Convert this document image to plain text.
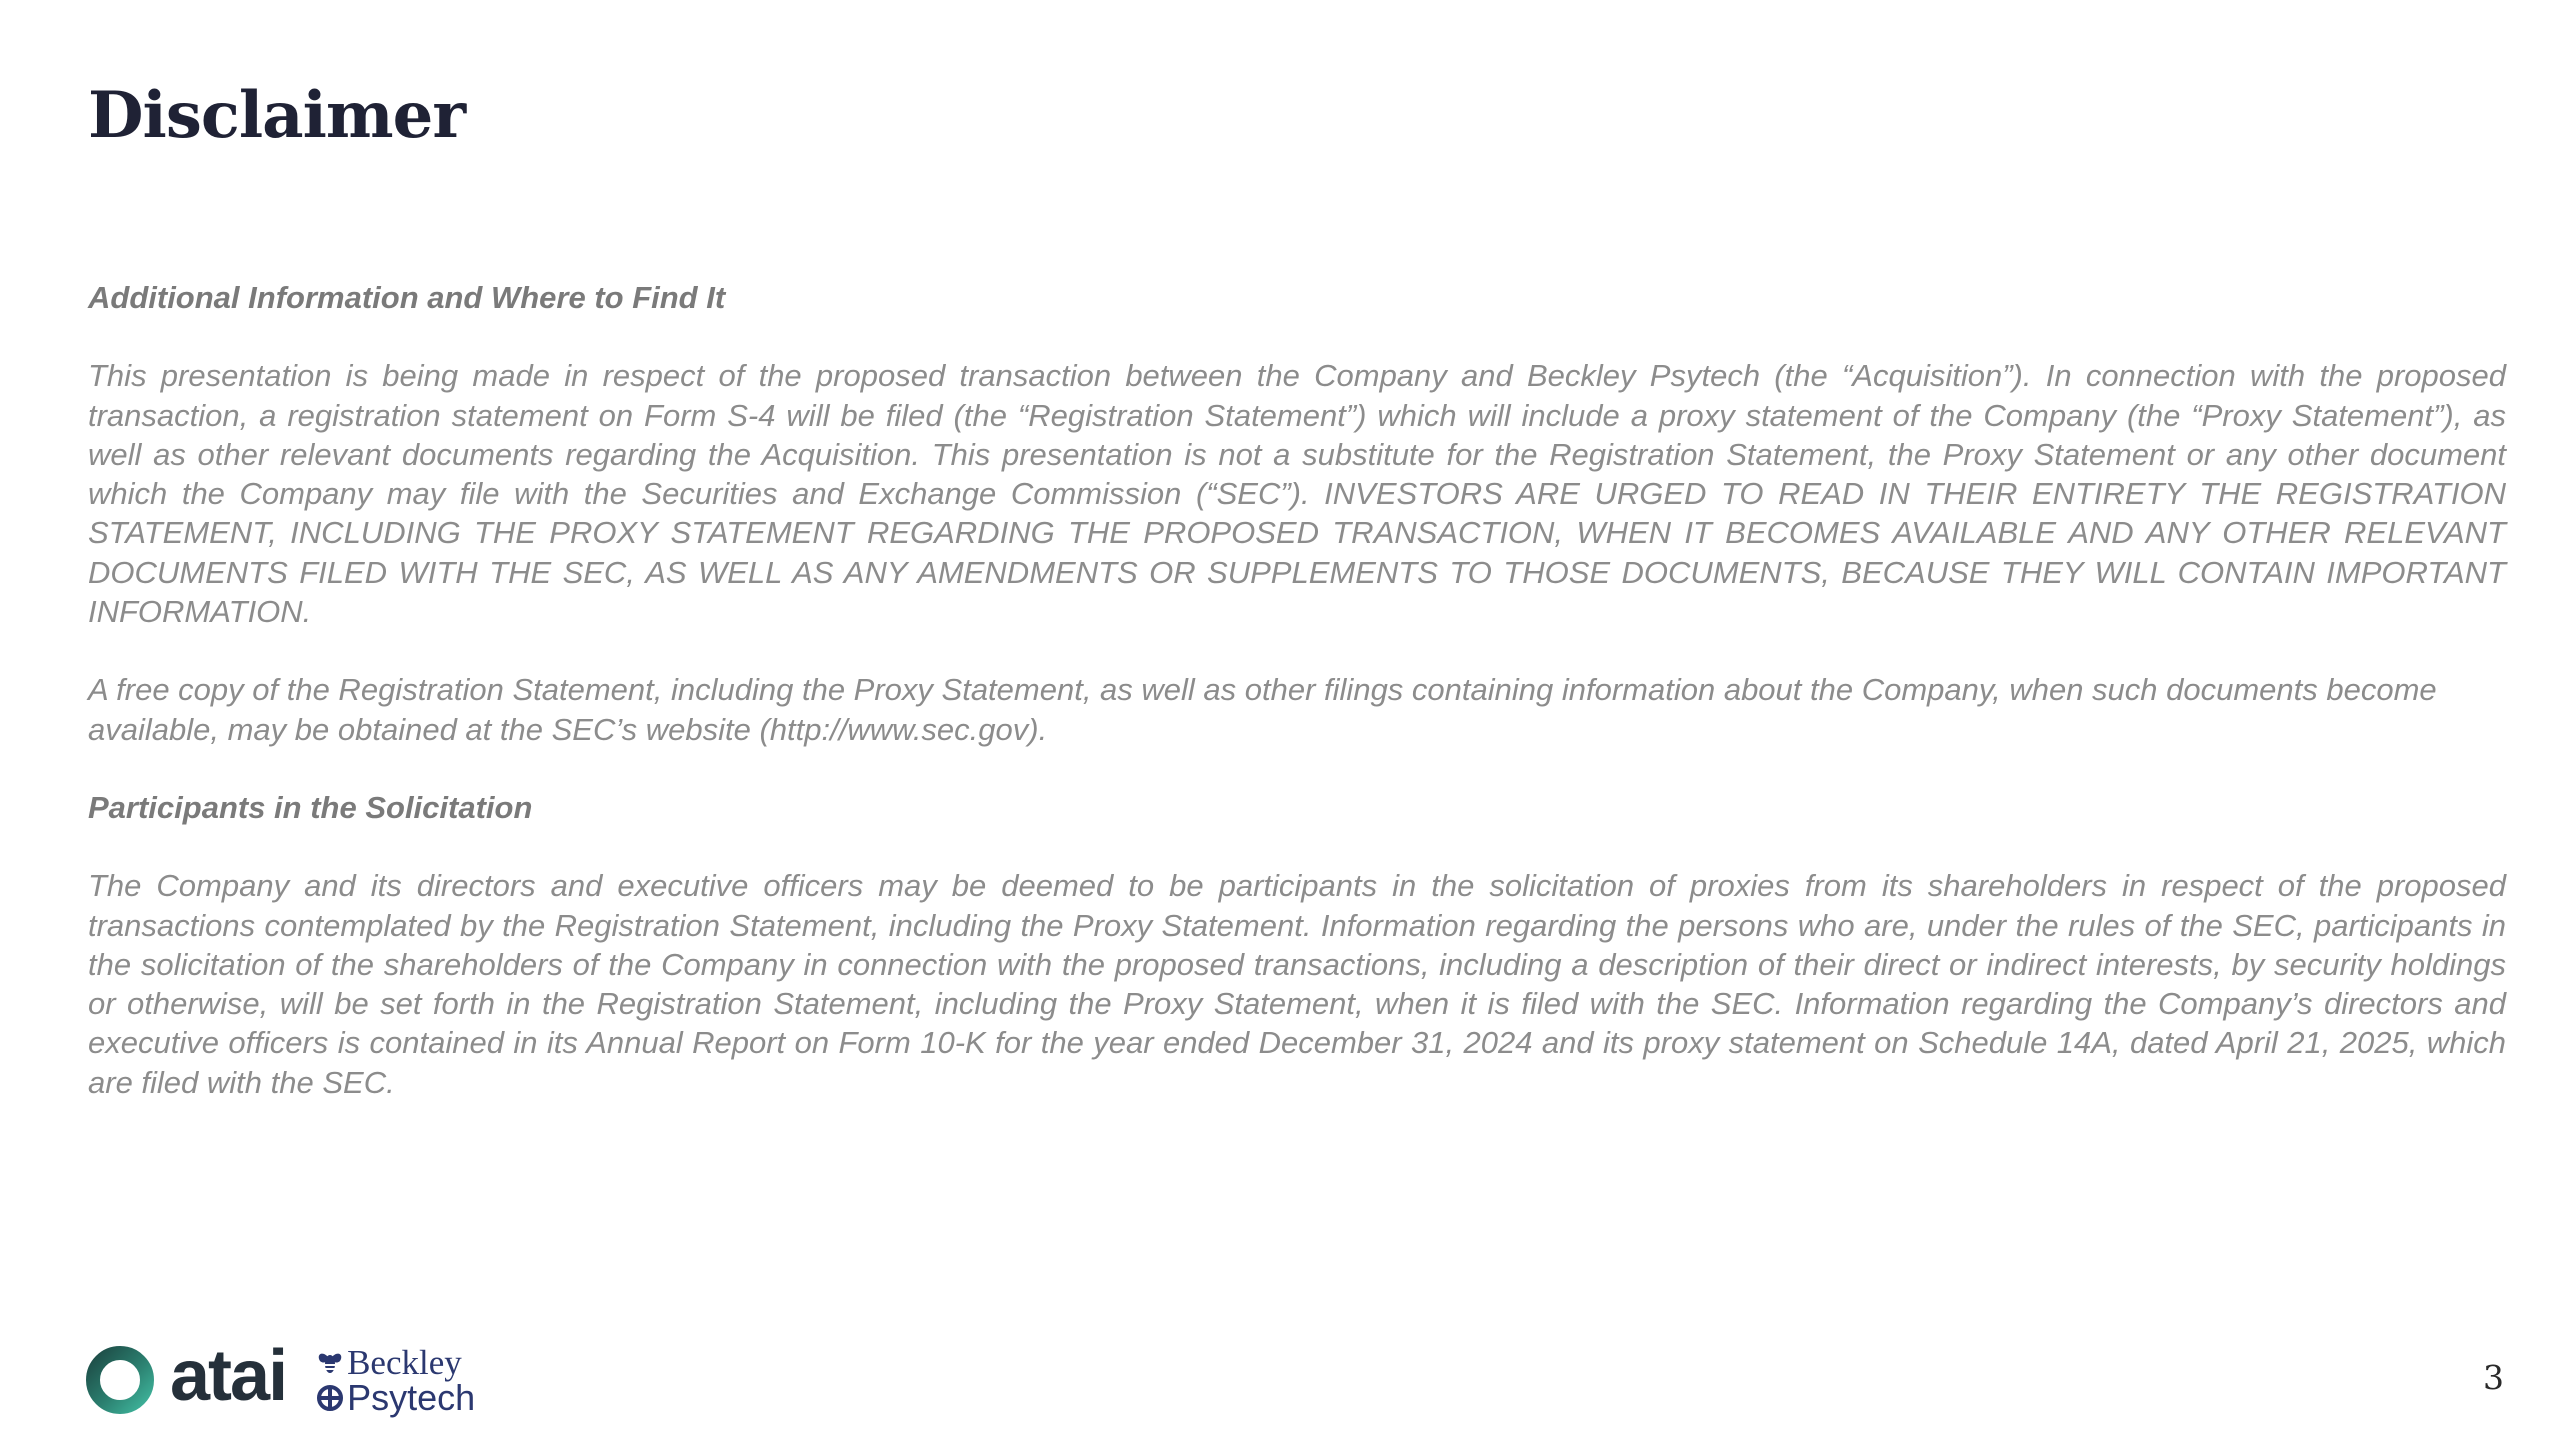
Disclaimer
Additional Information and Where to Find It

This presentation is being made in respect of the proposed transaction between the Company and Beckley Psytech (the “Acquisition”). In connection with the proposed transaction, a registration statement on Form S-4 will be filed (the “Registration Statement”) which will include a proxy statement of the Company (the “Proxy Statement”), as well as other relevant documents regarding the Acquisition. This presentation is not a substitute for the Registration Statement, the Proxy Statement or any other document which the Company may file with the Securities and Exchange Commission (“SEC”). INVESTORS ARE URGED TO READ IN THEIR ENTIRETY THE REGISTRATION STATEMENT, INCLUDING THE PROXY STATEMENT REGARDING THE PROPOSED TRANSACTION, WHEN IT BECOMES AVAILABLE AND ANY OTHER RELEVANT DOCUMENTS FILED WITH THE SEC, AS WELL AS ANY AMENDMENTS OR SUPPLEMENTS TO THOSE DOCUMENTS, BECAUSE THEY WILL CONTAIN IMPORTANT INFORMATION.

A free copy of the Registration Statement, including the Proxy Statement, as well as other filings containing information about the Company, when such documents become available, may be obtained at the SEC’s website (http://www.sec.gov).

Participants in the Solicitation

The Company and its directors and executive officers may be deemed to be participants in the solicitation of proxies from its shareholders in respect of the proposed transactions contemplated by the Registration Statement, including the Proxy Statement. Information regarding the persons who are, under the rules of the SEC, participants in the solicitation of the shareholders of the Company in connection with the proposed transactions, including a description of their direct or indirect interests, by security holdings or otherwise, will be set forth in the Registration Statement, including the Proxy Statement, when it is filed with the SEC. Information regarding the Company’s directors and executive officers is contained in its Annual Report on Form 10-K for the year ended December 31, 2024 and its proxy statement on Schedule 14A, dated April 21, 2025, which are filed with the SEC.

atai Beckley
Psytech	3
